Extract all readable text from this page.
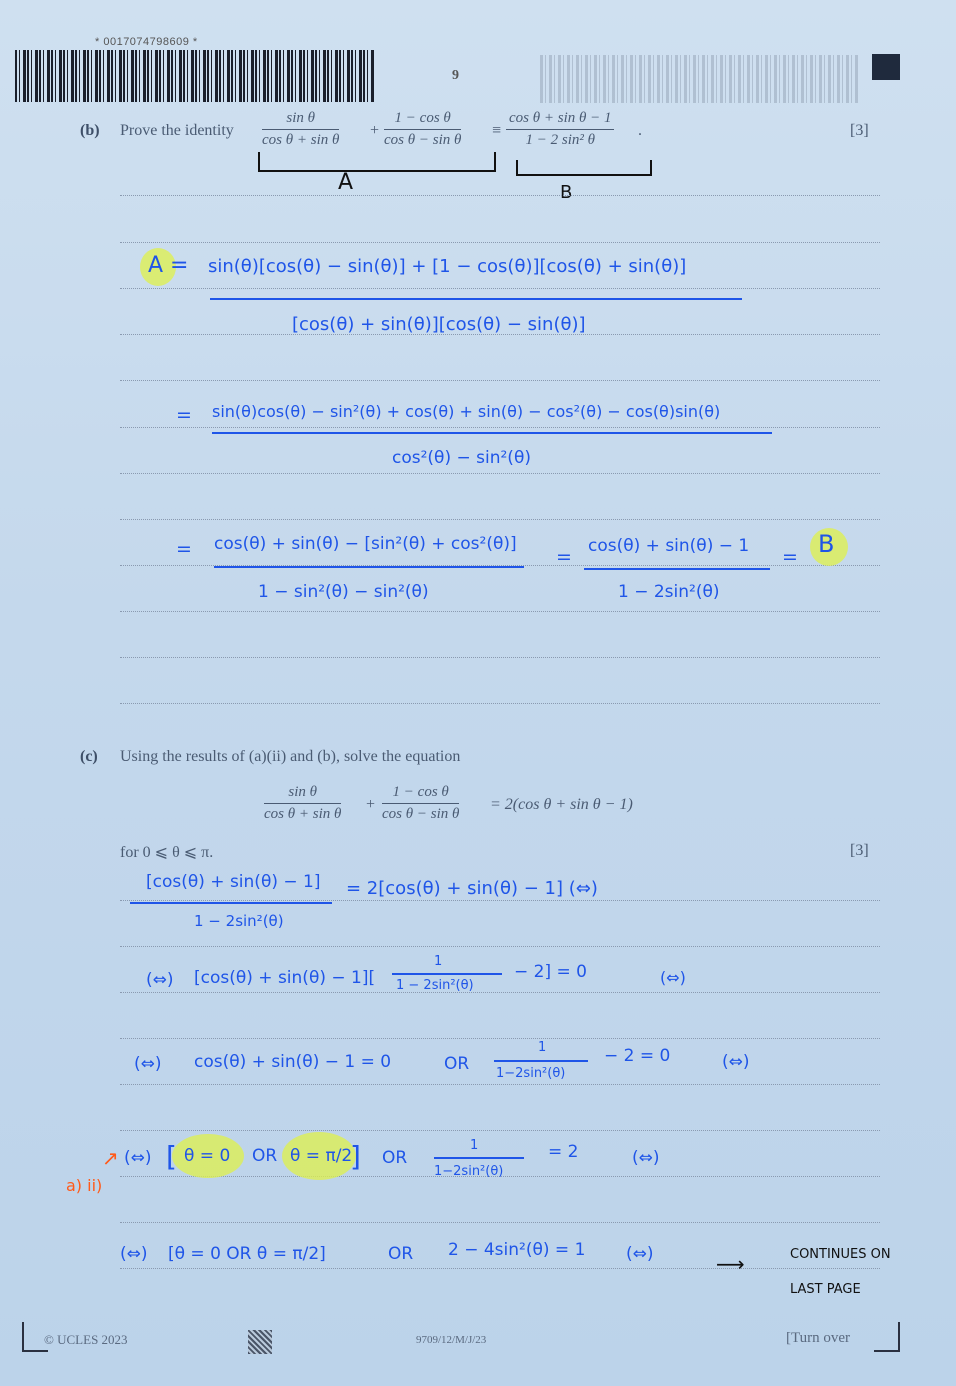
* 0017074798609 *
9
(b) Prove the identity $\frac{\text{sin θ}}{\text{cos θ + sin θ}} + \frac{\text{1 − cos θ}}{\text{cos θ − sin θ}} \equiv \frac{\text{cos θ + sin θ − 1}}{\text{1 − 2 sin² θ}}$ .	[3]
A	B
A = sin(θ)[cos(θ) − sin(θ)] + [1 − cos(θ)][cos(θ) + sin(θ)]
[cos(θ) + sin(θ)][cos(θ) − sin(θ)]
= sin(θ)cos(θ) − sin²(θ) + cos(θ) + sin(θ) − cos²(θ) − cos(θ)sin(θ)
cos²(θ) − sin²(θ)
= cos(θ) + sin(θ) − [sin²(θ) + cos²(θ)]
1 − sin²(θ) − sin²(θ)
= cos(θ) + sin(θ) − 1
1 − 2sin²(θ)
= B
(c) Using the results of (a)(ii) and (b), solve the equation
$\frac{\text{sin θ}}{\text{cos θ + sin θ}} + \frac{\text{1 − cos θ}}{\text{cos θ − sin θ}} = 2(\cos$ θ + sin θ − 1)
for 0 ⩽ θ ⩽ π.	[3]
[cos(θ) + sin(θ) − 1]
1 − 2sin²(θ)
= 2[cos(θ) + sin(θ) − 1] (⇔)
(⇔) [cos(θ) + sin(θ) − 1][
1
1 − 2sin²(θ)
− 2] = 0	(⇔)
(⇔) cos(θ) + sin(θ) − 1 = 0	OR
1
1−2sin²(θ)
− 2 = 0	(⇔)
(⇔) [ θ = 0 OR θ = π/2
] OR
1
1−2sin²(θ)
= 2	(⇔)
a) ii)
↗
(⇔) [θ = 0 OR θ = π/2]	OR 2 − 4sin²(θ) = 1 (⇔)	⟶	CONTINUES ON
LAST PAGE
© UCLES 2023	9709/12/M/J/23	[Turn over
